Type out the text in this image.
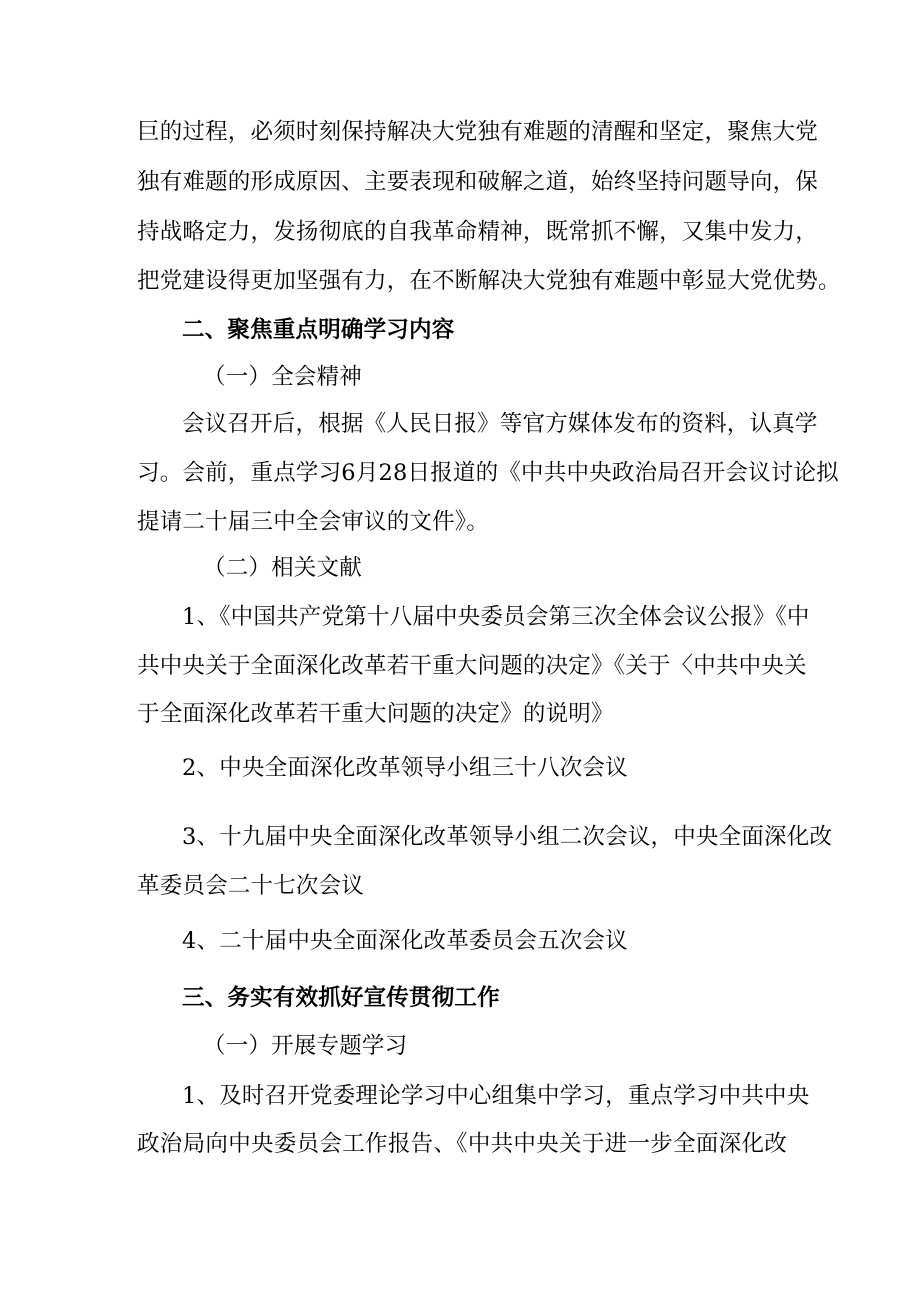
巨的过程，必须时刻保持解决大党独有难题的清醒和坚定，聚焦大党
独有难题的形成原因、主要表现和破解之道，始终坚持问题导向，保
持战略定力，发扬彻底的自我革命精神，既常抓不懈，又集中发力，
把党建设得更加坚强有力，在不断解决大党独有难题中彰显大党优势。
二、聚焦重点明确学习内容
（一）全会精神
会议召开后，根据《人民日报》等官方媒体发布的资料，认真学
习。会前，重点学习6月28日报道的《中共中央政治局召开会议讨论拟
提请二十届三中全会审议的文件》。
（二）相关文献
1、《中国共产党第十八届中央委员会第三次全体会议公报》《中
共中央关于全面深化改革若干重大问题的决定》《关于〈中共中央关
于全面深化改革若干重大问题的决定》的说明》
2、中央全面深化改革领导小组三十八次会议
3、十九届中央全面深化改革领导小组二次会议，中央全面深化改
革委员会二十七次会议
4、二十届中央全面深化改革委员会五次会议
三、务实有效抓好宣传贯彻工作
（一）开展专题学习
1、及时召开党委理论学习中心组集中学习，重点学习中共中央
政治局向中央委员会工作报告、《中共中央关于进一步全面深化改
